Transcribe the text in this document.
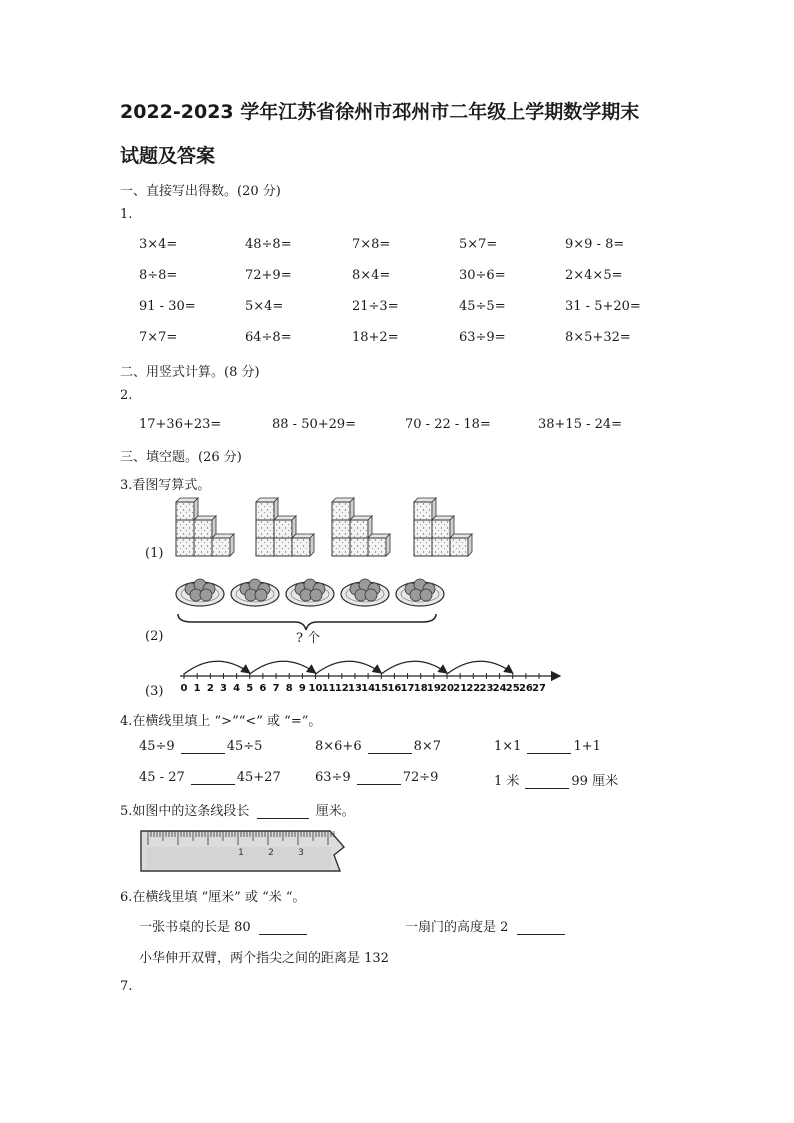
2022-2023 学年江苏省徐州市邳州市二年级上学期数学期末
试题及答案
一、直接写出得数。(20 分)
1.
3×4=	48÷8=	7×8=	5×7=	9×9 - 8=
8÷8=	72+9=	8×4=	30÷6=	2×4×5=
91 - 30=	5×4=	21÷3=	45÷5=	31 - 5+20=
7×7=	64÷8=	18+2=	63÷9=	8×5+32=
二、用竖式计算。(8 分)
2.
17+36+23=	88 - 50+29=	70 - 22 - 18=	38+15 - 24=
三、填空题。(26 分)
3.看图写算式。
(1)
(2)	? 个
(3) 0 1 2 3 4 5 6 7 8 9 10 11 12 13 14 15 16 17 18 19 20 21 22 23 24 25 26 27
4.在横线里填上 “>”“<” 或 “=”。
45÷9	45÷5	8×6+6	8×7	1×1	1+1
45 - 27	45+27	63÷9	72÷9	1 米	99 厘米
5.如图中的这条线段长	厘米。
1	2	3
6.在横线里填 “厘米” 或 “米 “。
一张书桌的长是 80	一扇门的高度是 2
小华伸开双臂，两个指尖之间的距离是 132
7.
